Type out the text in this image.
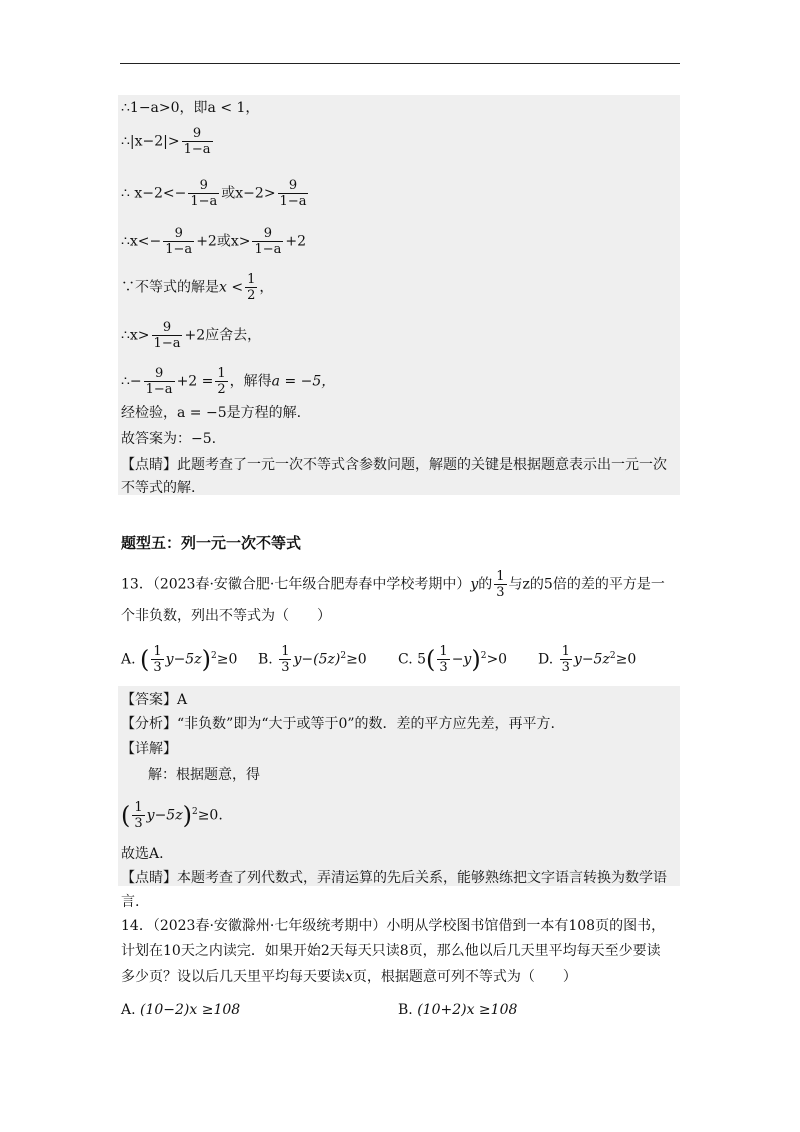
∴1−a>0，即a < 1，
∴|x−2|> $\frac{9}{1-a}$
∴ $x-2<- \frac{9}{1-a}$ 或$x-2> \frac{9}{1-a}$
∴x<− $\frac{9}{1-a} +2$或$x> \frac{9}{1-a} +2$
∵不等式的解是$x < \frac{1}{2}$ ，
∴x> $\frac{9}{1-a} +2$应舍去，
∴− $\frac{9}{1-a} +2 = \frac{1}{2}$ ，解得a = −5，
经检验，a = −5是方程的解.
故答案为：−5.
【点睛】此题考查了一元一次不等式含参数问题，解题的关键是根据题意表示出一元一次
不等式的解.
题型五：列一元一次不等式
13．（2023春·安徽合肥·七年级合肥寿春中学校考期中）y的 $\frac{1}{3}$ 与z的5倍的差的平方是一
个非负数，列出不等式为（　　）
A. ( $\frac{1}{3} y-5z)^2\ge 0$ B. $\frac{1}{3} y-(5z)^2\ge 0$ C. $5( \frac{1}{3} -y)^2>0$ D. $\frac{1}{3} y-5z^2\ge 0$
【答案】A
【分析】“非负数”即为“大于或等于0”的数．差的平方应先差，再平方.
【详解】
解：根据题意，得
( $\frac{1}{3} y-5z)^2\ge 0$.
故选A.
【点睛】本题考查了列代数式，弄清运算的先后关系，能够熟练把文字语言转换为数学语
言.
14．（2023春·安徽滁州·七年级统考期中）小明从学校图书馆借到一本有108页的图书，
计划在10天之内读完．如果开始2天每天只读8页，那么他以后几天里平均每天至少要读
多少页？设以后几天里平均每天要读x页，根据题意可列不等式为（　　）
A. (10−2)x ≥108	B. (10+2)x ≥108
